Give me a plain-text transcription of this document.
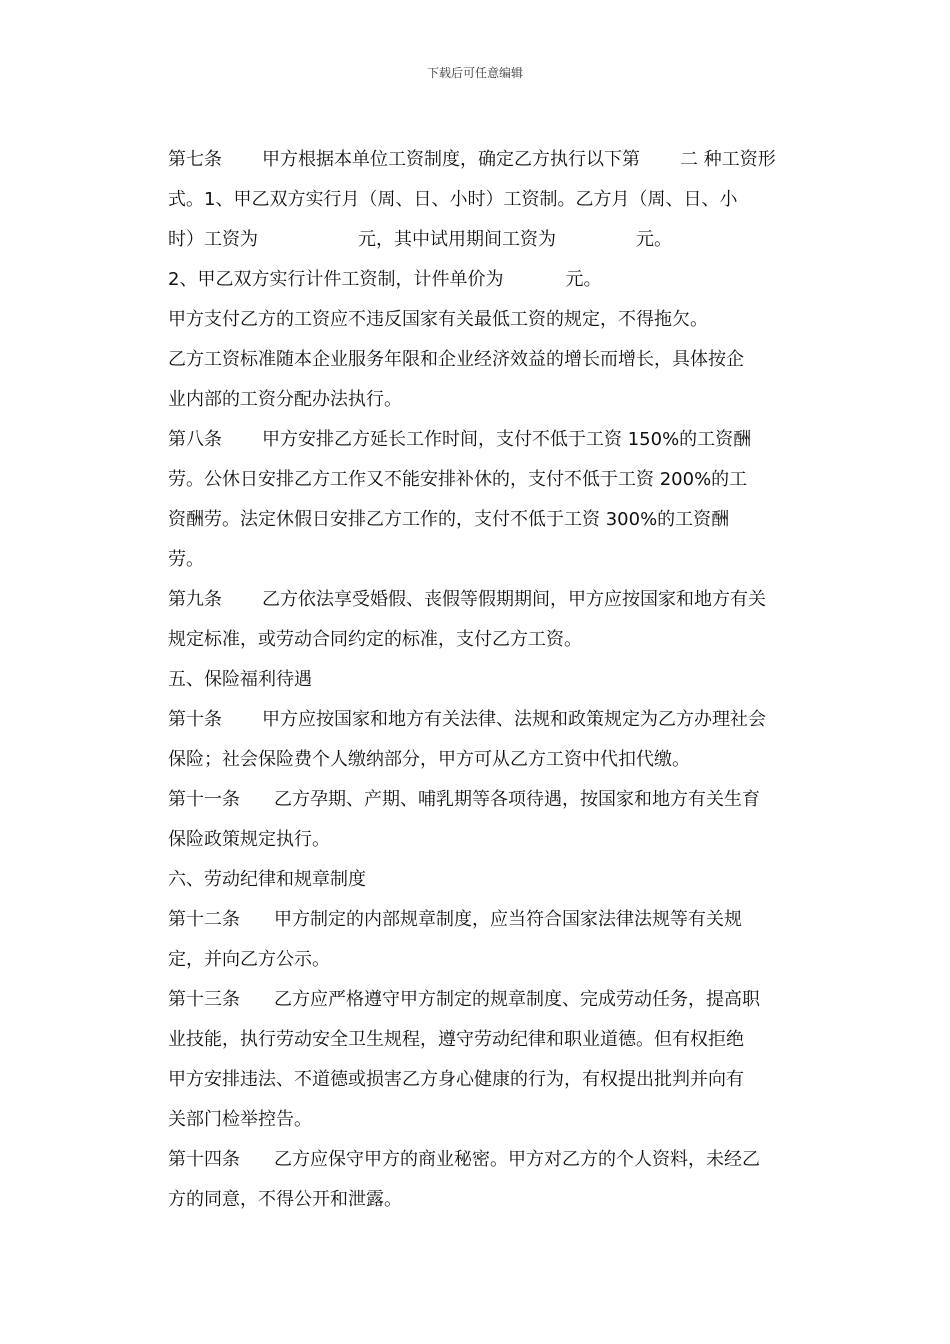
下载后可任意编辑
第七条 甲方根据本单位工资制度，确定乙方执行以下第 二 种工资形
式。1、甲乙双方实行月（周、日、小时）工资制。乙方月（周、日、小
时）工资为	元，其中试用期间工资为	元。
2、甲乙双方实行计件工资制，计件单价为	元。
甲方支付乙方的工资应不违反国家有关最低工资的规定，不得拖欠。
乙方工资标准随本企业服务年限和企业经济效益的增长而增长，具体按企
业内部的工资分配办法执行。
第八条 甲方安排乙方延长工作时间，支付不低于工资 150%的工资酬
劳。公休日安排乙方工作又不能安排补休的，支付不低于工资 200%的工
资酬劳。法定休假日安排乙方工作的，支付不低于工资 300%的工资酬
劳。
第九条 乙方依法享受婚假、丧假等假期期间，甲方应按国家和地方有关
规定标准，或劳动合同约定的标准，支付乙方工资。
五、保险福利待遇
第十条 甲方应按国家和地方有关法律、法规和政策规定为乙方办理社会
保险；社会保险费个人缴纳部分，甲方可从乙方工资中代扣代缴。
第十一条 乙方孕期、产期、哺乳期等各项待遇，按国家和地方有关生育
保险政策规定执行。
六、劳动纪律和规章制度
第十二条 甲方制定的内部规章制度，应当符合国家法律法规等有关规
定，并向乙方公示。
第十三条 乙方应严格遵守甲方制定的规章制度、完成劳动任务，提高职
业技能，执行劳动安全卫生规程，遵守劳动纪律和职业道德。但有权拒绝
甲方安排违法、不道德或损害乙方身心健康的行为，有权提出批判并向有
关部门检举控告。
第十四条 乙方应保守甲方的商业秘密。甲方对乙方的个人资料，未经乙
方的同意，不得公开和泄露。
